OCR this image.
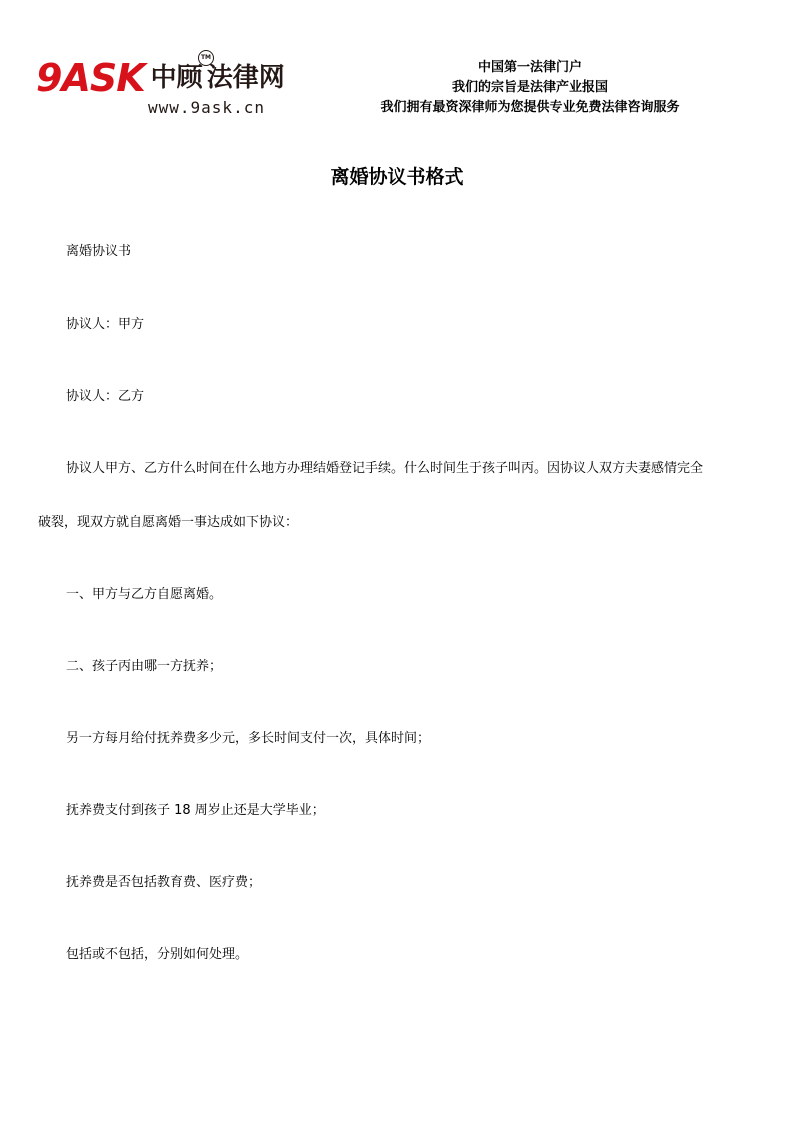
9ASK 中顾 法律网
TM
www.9ask.cn
中国第一法律门户
我们的宗旨是法律产业报国
我们拥有最资深律师为您提供专业免费法律咨询服务
离婚协议书格式

离婚协议书

协议人：甲方

协议人：乙方

协议人甲方、乙方什么时间在什么地方办理结婚登记手续。什么时间生于孩子叫丙。因协议人双方夫妻感情完全

破裂，现双方就自愿离婚一事达成如下协议：

一、甲方与乙方自愿离婚。

二、孩子丙由哪一方抚养；

另一方每月给付抚养费多少元，多长时间支付一次，具体时间；

抚养费支付到孩子 18 周岁止还是大学毕业；

抚养费是否包括教育费、医疗费；

包括或不包括，分别如何处理。
